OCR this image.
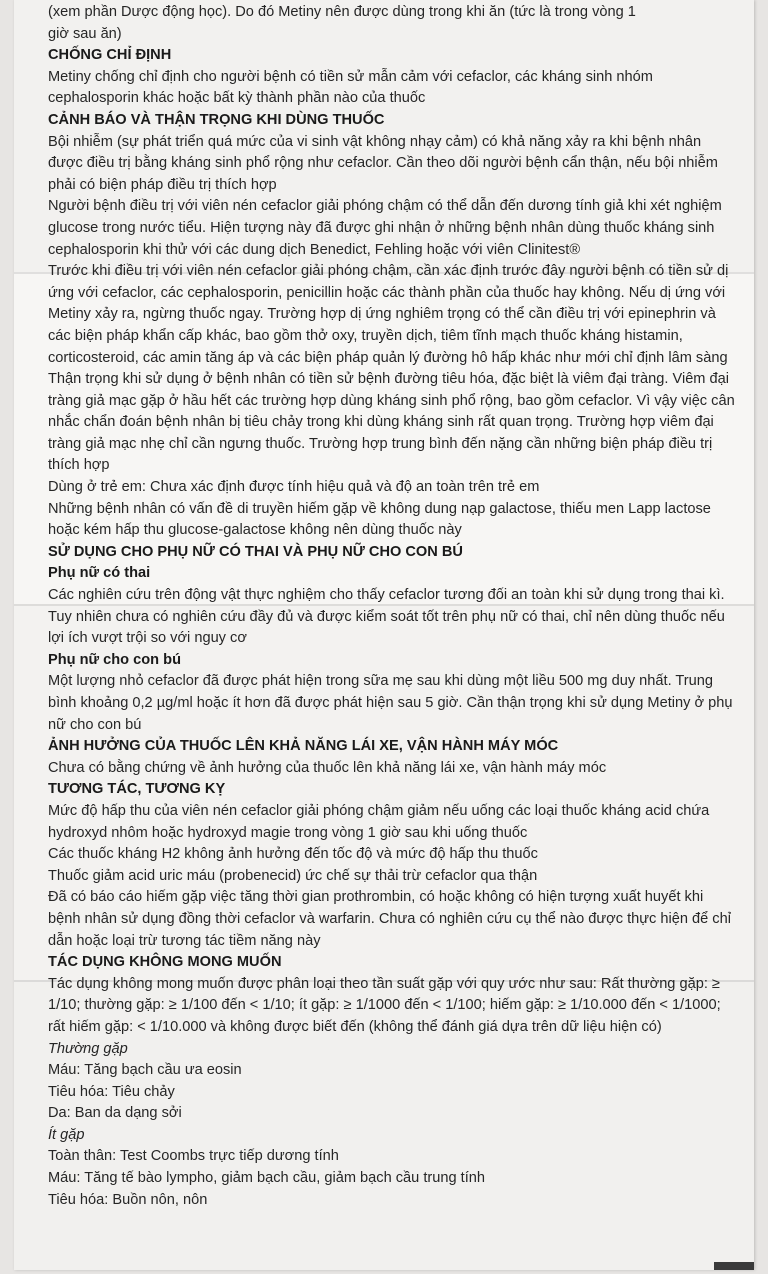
(xem phần Dược động học). Do đó Metiny nên được dùng trong khi ăn (tức là trong vòng 1

giờ sau ăn)

CHỐNG CHỈ ĐỊNH

Metiny chống chỉ định cho người bệnh có tiền sử mẫn cảm với cefaclor, các kháng sinh nhóm cephalosporin khác hoặc bất kỳ thành phần nào của thuốc

CẢNH BÁO VÀ THẬN TRỌNG KHI DÙNG THUỐC

Bội nhiễm (sự phát triển quá mức của vi sinh vật không nhạy cảm) có khả năng xảy ra khi bệnh nhân được điều trị bằng kháng sinh phổ rộng như cefaclor. Cần theo dõi người bệnh cẩn thận, nếu bội nhiễm phải có biện pháp điều trị thích hợp

Người bệnh điều trị với viên nén cefaclor giải phóng chậm có thể dẫn đến dương tính giả khi xét nghiệm glucose trong nước tiểu. Hiện tượng này đã được ghi nhận ở những bệnh nhân dùng thuốc kháng sinh cephalosporin khi thử với các dung dịch Benedict, Fehling hoặc với viên Clinitest®

Trước khi điều trị với viên nén cefaclor giải phóng chậm, cần xác định trước đây người bệnh có tiền sử dị ứng với cefaclor, các cephalosporin, penicillin hoặc các thành phần của thuốc hay không. Nếu dị ứng với Metiny xảy ra, ngừng thuốc ngay. Trường hợp dị ứng nghiêm trọng có thể cần điều trị với epinephrin và các biện pháp khẩn cấp khác, bao gồm thở oxy, truyền dịch, tiêm tĩnh mạch thuốc kháng histamin, corticosteroid, các amin tăng áp và các biện pháp quản lý đường hô hấp khác như mới chỉ định lâm sàng

Thận trọng khi sử dụng ở bệnh nhân có tiền sử bệnh đường tiêu hóa, đặc biệt là viêm đại tràng. Viêm đại tràng giả mạc gặp ở hầu hết các trường hợp dùng kháng sinh phổ rộng, bao gồm cefaclor. Vì vậy việc cân nhắc chẩn đoán bệnh nhân bị tiêu chảy trong khi dùng kháng sinh rất quan trọng. Trường hợp viêm đại tràng giả mạc nhẹ chỉ cần ngưng thuốc. Trường hợp trung bình đến nặng cần những biện pháp điều trị thích hợp

Dùng ở trẻ em: Chưa xác định được tính hiệu quả và độ an toàn trên trẻ em

Những bệnh nhân có vấn đề di truyền hiếm gặp về không dung nạp galactose, thiếu men Lapp lactose hoặc kém hấp thu glucose-galactose không nên dùng thuốc này

SỬ DỤNG CHO PHỤ NỮ CÓ THAI VÀ PHỤ NỮ CHO CON BÚ

Phụ nữ có thai

Các nghiên cứu trên động vật thực nghiệm cho thấy cefaclor tương đối an toàn khi sử dụng trong thai kì. Tuy nhiên chưa có nghiên cứu đầy đủ và được kiểm soát tốt trên phụ nữ có thai, chỉ nên dùng thuốc nếu lợi ích vượt trội so với nguy cơ

Phụ nữ cho con bú

Một lượng nhỏ cefaclor đã được phát hiện trong sữa mẹ sau khi dùng một liều 500 mg duy nhất. Trung bình khoảng 0,2 µg/ml hoặc ít hơn đã được phát hiện sau 5 giờ. Cần thận trọng khi sử dụng Metiny ở phụ nữ cho con bú

ẢNH HƯỞNG CỦA THUỐC LÊN KHẢ NĂNG LÁI XE, VẬN HÀNH MÁY MÓC

Chưa có bằng chứng về ảnh hưởng của thuốc lên khả năng lái xe, vận hành máy móc

TƯƠNG TÁC, TƯƠNG KỴ

Mức độ hấp thu của viên nén cefaclor giải phóng chậm giảm nếu uống các loại thuốc kháng acid chứa hydroxyd nhôm hoặc hydroxyd magie trong vòng 1 giờ sau khi uống thuốc

Các thuốc kháng H2 không ảnh hưởng đến tốc độ và mức độ hấp thu thuốc

Thuốc giảm acid uric máu (probenecid) ức chế sự thải trừ cefaclor qua thận

Đã có báo cáo hiếm gặp việc tăng thời gian prothrombin, có hoặc không có hiện tượng xuất huyết khi bệnh nhân sử dụng đồng thời cefaclor và warfarin. Chưa có nghiên cứu cụ thể nào được thực hiện để chỉ dẫn hoặc loại trừ tương tác tiềm năng này

TÁC DỤNG KHÔNG MONG MUỐN

Tác dụng không mong muốn được phân loại theo tần suất gặp với quy ước như sau: Rất thường gặp: ≥ 1/10; thường gặp: ≥ 1/100 đến < 1/10; ít gặp: ≥ 1/1000 đến < 1/100; hiếm gặp: ≥ 1/10.000 đến < 1/1000; rất hiếm gặp: < 1/10.000 và không được biết đến (không thể đánh giá dựa trên dữ liệu hiện có)

Thường gặp

Máu: Tăng bạch cầu ưa eosin

Tiêu hóa: Tiêu chảy

Da: Ban da dạng sởi

Ít gặp

Toàn thân: Test Coombs trực tiếp dương tính

Máu: Tăng tế bào lympho, giảm bạch cầu, giảm bạch cầu trung tính

Tiêu hóa: Buồn nôn, nôn
